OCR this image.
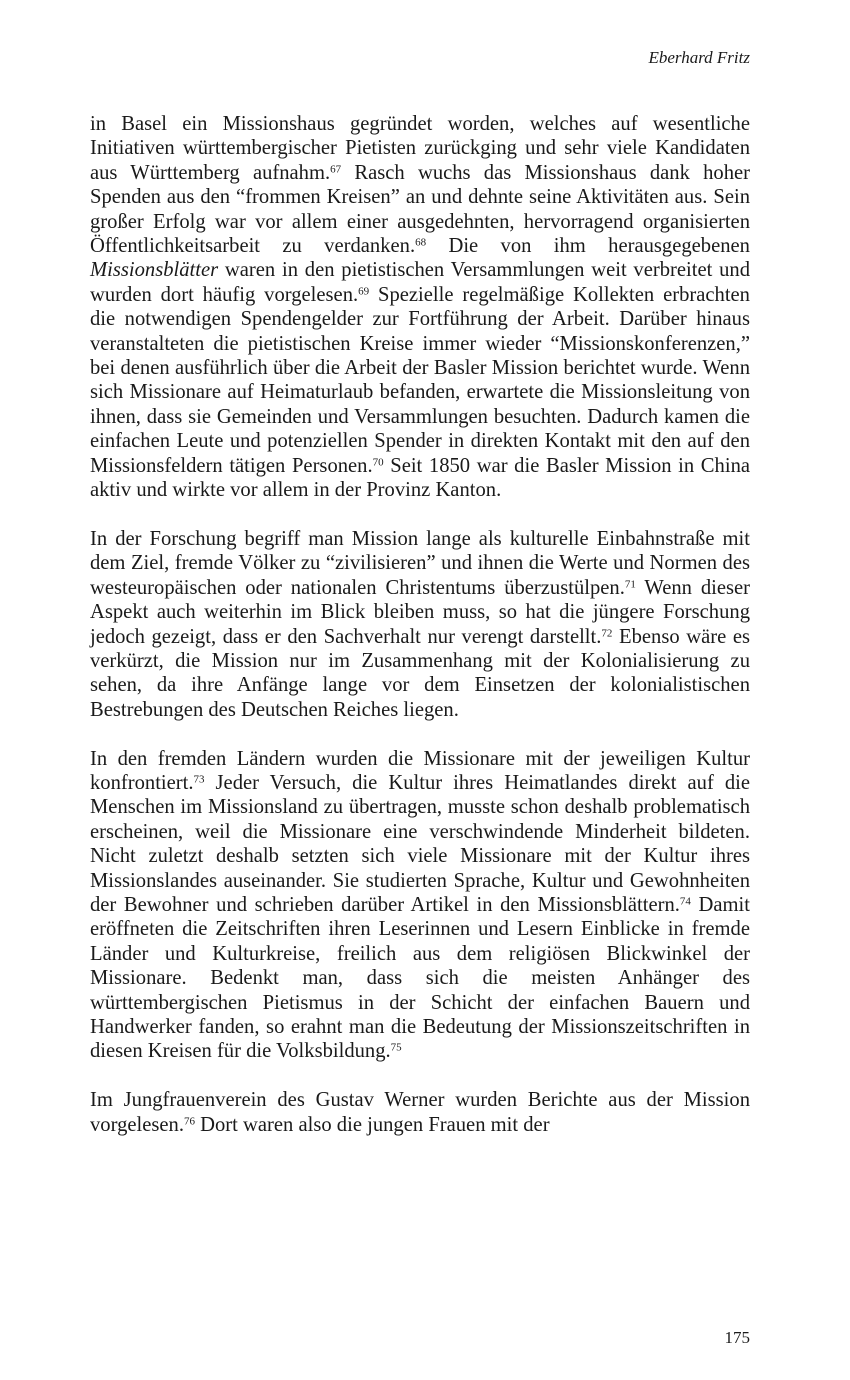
Eberhard Fritz

in Basel ein Missionshaus gegründet worden, welches auf wesentliche Initiativen württembergischer Pietisten zurückging und sehr viele Kandidaten aus Württemberg aufnahm.$^{67}$ Rasch wuchs das Missionshaus dank hoher Spenden aus den “frommen Kreisen” an und dehnte seine Aktivitäten aus. Sein großer Erfolg war vor allem einer ausgedehnten, hervorragend organisierten Öffentlichkeitsarbeit zu verdanken.$^{68}$ Die von ihm herausgegebenen Missionsblätter waren in den pietistischen Versammlungen weit verbreitet und wurden dort häufig vorgelesen.$^{69}$ Spezielle regelmäßige Kollekten erbrachten die notwendigen Spendengelder zur Fortführung der Arbeit. Darüber hinaus veranstalteten die pietistischen Kreise immer wieder “Missionskonferenzen,” bei denen ausführlich über die Arbeit der Basler Mission berichtet wurde. Wenn sich Missionare auf Heimaturlaub befanden, erwartete die Missionsleitung von ihnen, dass sie Gemeinden und Versammlungen besuchten. Dadurch kamen die einfachen Leute und potenziellen Spender in direkten Kontakt mit den auf den Missionsfeldern tätigen Personen.$^{70}$ Seit 1850 war die Basler Mission in China aktiv und wirkte vor allem in der Provinz Kanton.

In der Forschung begriff man Mission lange als kulturelle Einbahnstraße mit dem Ziel, fremde Völker zu “zivilisieren” und ihnen die Werte und Normen des westeuropäischen oder nationalen Christentums überzustülpen.$^{71}$ Wenn dieser Aspekt auch weiterhin im Blick bleiben muss, so hat die jüngere Forschung jedoch gezeigt, dass er den Sachverhalt nur verengt darstellt.$^{72}$ Ebenso wäre es verkürzt, die Mission nur im Zusammenhang mit der Kolonialisierung zu sehen, da ihre Anfänge lange vor dem Einsetzen der kolonialistischen Bestrebungen des Deutschen Reiches liegen.

In den fremden Ländern wurden die Missionare mit der jeweiligen Kultur konfrontiert.$^{73}$ Jeder Versuch, die Kultur ihres Heimatlandes direkt auf die Menschen im Missionsland zu übertragen, musste schon deshalb problematisch erscheinen, weil die Missionare eine verschwindende Minderheit bildeten. Nicht zuletzt deshalb setzten sich viele Missionare mit der Kultur ihres Missionslandes auseinander. Sie studierten Sprache, Kultur und Gewohnheiten der Bewohner und schrieben darüber Artikel in den Missionsblättern.$^{74}$ Damit eröffneten die Zeitschriften ihren Leserinnen und Lesern Einblicke in fremde Länder und Kulturkreise, freilich aus dem religiösen Blickwinkel der Missionare. Bedenkt man, dass sich die meisten Anhänger des württembergischen Pietismus in der Schicht der einfachen Bauern und Handwerker fanden, so erahnt man die Bedeutung der Missionszeitschriften in diesen Kreisen für die Volksbildung.$^{75}$

Im Jungfrauenverein des Gustav Werner wurden Berichte aus der Mission vorgelesen.$^{76}$ Dort waren also die jungen Frauen mit der

175
